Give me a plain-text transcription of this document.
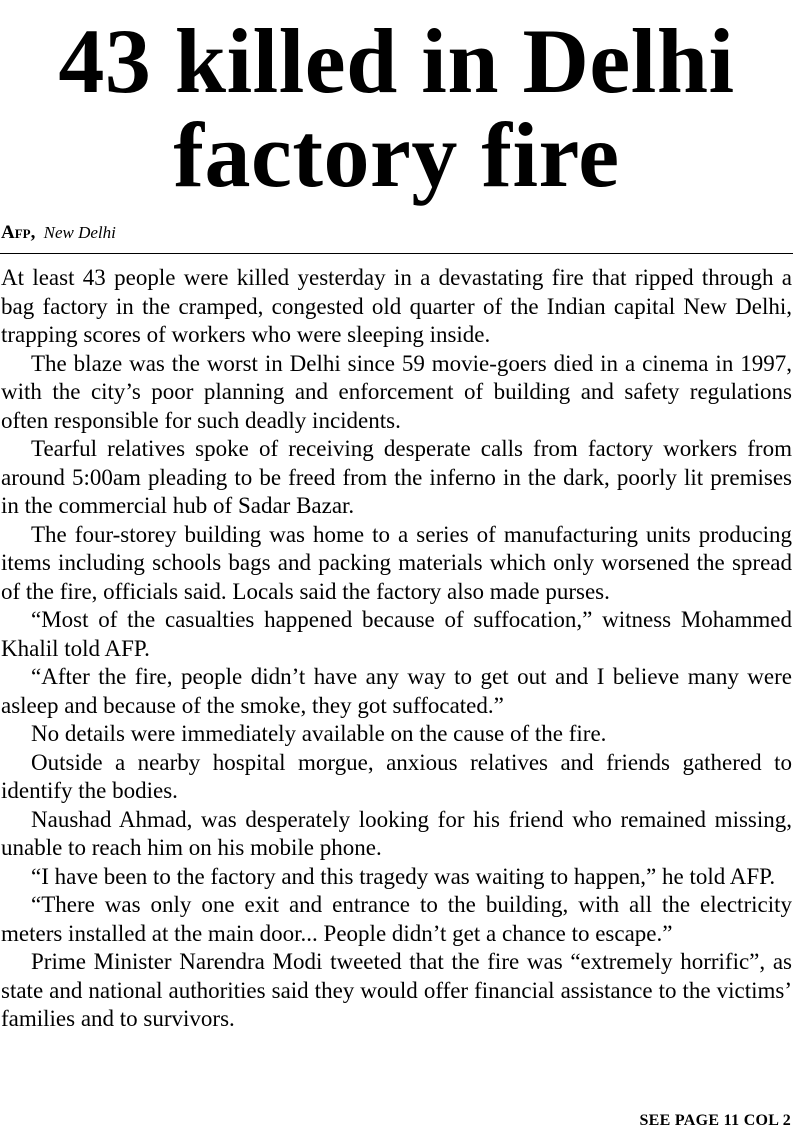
43 killed in Delhi
factory fire
Afp, New Delhi

At least 43 people were killed yesterday in a devastating fire that ripped through a bag factory in the cramped, congested old quarter of the Indian capital New Delhi, trapping scores of workers who were sleeping inside.

The blaze was the worst in Delhi since 59 movie-goers died in a cinema in 1997, with the city’s poor planning and enforcement of building and safety regulations often responsible for such deadly incidents.

Tearful relatives spoke of receiving desperate calls from factory workers from around 5:00am pleading to be freed from the inferno in the dark, poorly lit premises in the commercial hub of Sadar Bazar.

The four-storey building was home to a series of manufacturing units producing items including schools bags and packing materials which only worsened the spread of the fire, officials said. Locals said the factory also made purses.

“Most of the casualties happened because of suffocation,” witness Mohammed Khalil told AFP.

“After the fire, people didn’t have any way to get out and I believe many were asleep and because of the smoke, they got suffocated.”

No details were immediately available on the cause of the fire.

Outside a nearby hospital morgue, anxious relatives and friends gathered to identify the bodies.

Naushad Ahmad, was desperately looking for his friend who remained missing, unable to reach him on his mobile phone.

“I have been to the factory and this tragedy was waiting to happen,” he told AFP.

“There was only one exit and entrance to the building, with all the electricity meters installed at the main door... People didn’t get a chance to escape.”

Prime Minister Narendra Modi tweeted that the fire was “extremely horrific”, as state and national authorities said they would offer financial assistance to the victims’ families and to survivors.

SEE PAGE 11 COL 2
